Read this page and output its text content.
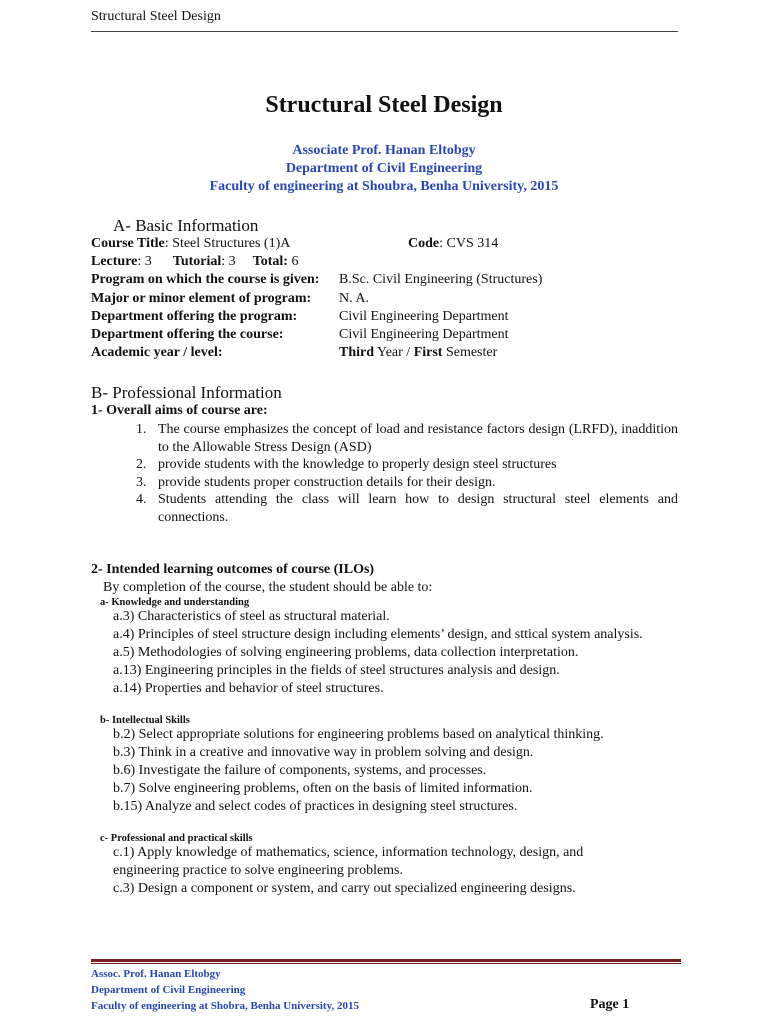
Structural Steel Design
Structural Steel Design
Associate Prof. Hanan Eltobgy
Department of Civil Engineering
Faculty of engineering at Shoubra, Benha University, 2015
A- Basic Information
Course Title: Steel Structures (1)A	Code: CVS 314
Lecture: 3 Tutorial: 3 Total: 6
Program on which the course is given: B.Sc. Civil Engineering (Structures)
Major or minor element of program: N. A.
Department offering the program:	Civil Engineering Department
Department offering the course:	Civil Engineering Department
Academic year / level:	Third Year / First Semester
B- Professional Information
1- Overall aims of course are:
1. The course emphasizes the concept of load and resistance factors design (LRFD), inaddition to the Allowable Stress Design (ASD)
2. provide students with the knowledge to properly design steel structures
3. provide students proper construction details for their design.
4. Students attending the class will learn how to design structural steel elements and connections.
2- Intended learning outcomes of course (ILOs)
By completion of the course, the student should be able to:
a- Knowledge and understanding
a.3) Characteristics of steel as structural material.
a.4) Principles of steel structure design including elements’ design, and sttical system analysis.
a.5) Methodologies of solving engineering problems, data collection interpretation.
a.13) Engineering principles in the fields of steel structures analysis and design.
a.14) Properties and behavior of steel structures.
b- Intellectual Skills
b.2) Select appropriate solutions for engineering problems based on analytical thinking.
b.3) Think in a creative and innovative way in problem solving and design.
b.6) Investigate the failure of components, systems, and processes.
b.7) Solve engineering problems, often on the basis of limited information.
b.15) Analyze and select codes of practices in designing steel structures.
c- Professional and practical skills
c.1) Apply knowledge of mathematics, science, information technology, design, and engineering practice to solve engineering problems.
c.3) Design a component or system, and carry out specialized engineering designs.
Assoc. Prof. Hanan Eltobgy
Department of Civil Engineering
Faculty of engineering at Shobra, Benha University, 2015	Page 1
